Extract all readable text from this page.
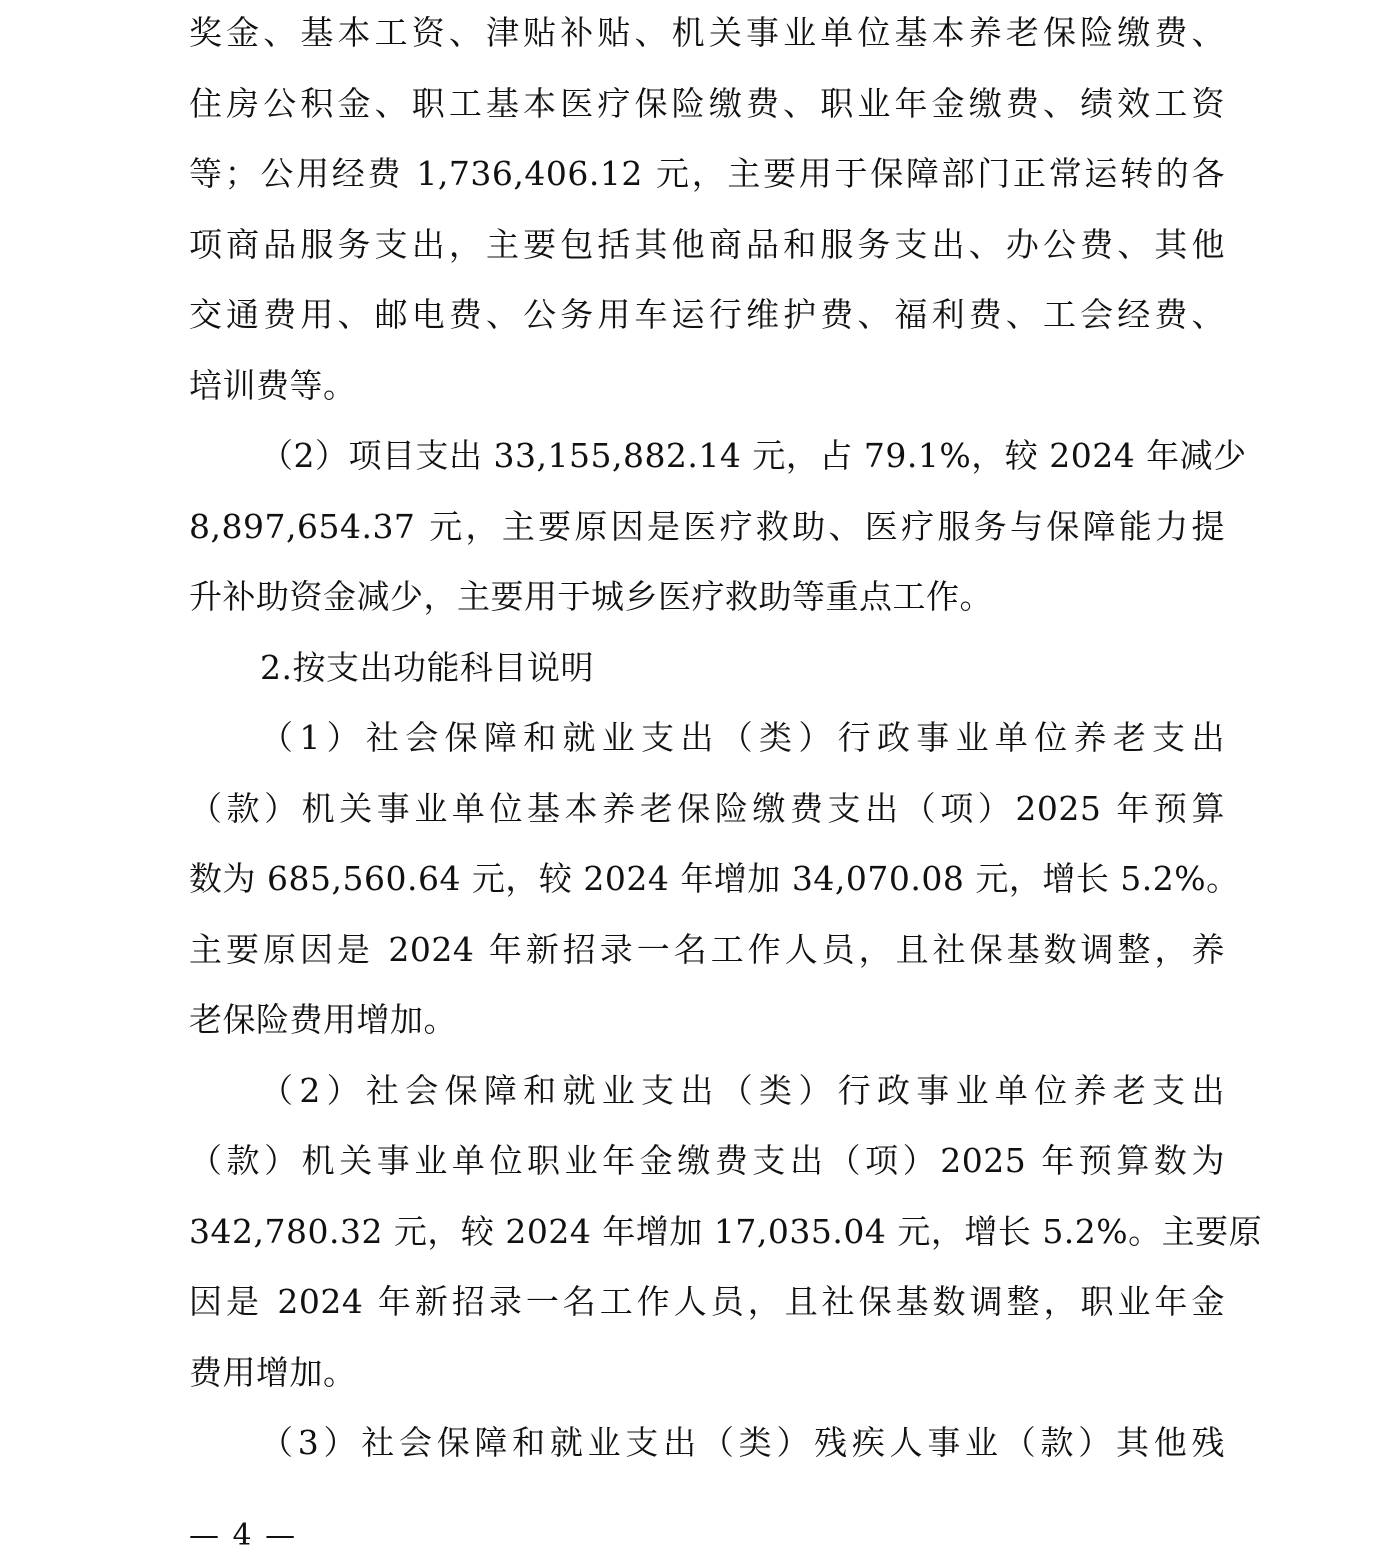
奖金、基本工资、津贴补贴、机关事业单位基本养老保险缴费、
住房公积金、职工基本医疗保险缴费、职业年金缴费、绩效工资
等；公用经费 1,736,406.12 元，主要用于保障部门正常运转的各
项商品服务支出，主要包括其他商品和服务支出、办公费、其他
交通费用、邮电费、公务用车运行维护费、福利费、工会经费、
培训费等。
（2）项目支出 33,155,882.14 元，占 79.1%，较 2024 年减少
8,897,654.37 元，主要原因是医疗救助、医疗服务与保障能力提
升补助资金减少，主要用于城乡医疗救助等重点工作。
2.按支出功能科目说明
（1）社会保障和就业支出（类）行政事业单位养老支出
（款）机关事业单位基本养老保险缴费支出（项）2025 年预算
数为 685,560.64 元，较 2024 年增加 34,070.08 元，增长 5.2%。
主要原因是 2024 年新招录一名工作人员，且社保基数调整，养
老保险费用增加。
（2）社会保障和就业支出（类）行政事业单位养老支出
（款）机关事业单位职业年金缴费支出（项）2025 年预算数为
342,780.32 元，较 2024 年增加 17,035.04 元，增长 5.2%。主要原
因是 2024 年新招录一名工作人员，且社保基数调整，职业年金
费用增加。
（3）社会保障和就业支出（类）残疾人事业（款）其他残
— 4 —
